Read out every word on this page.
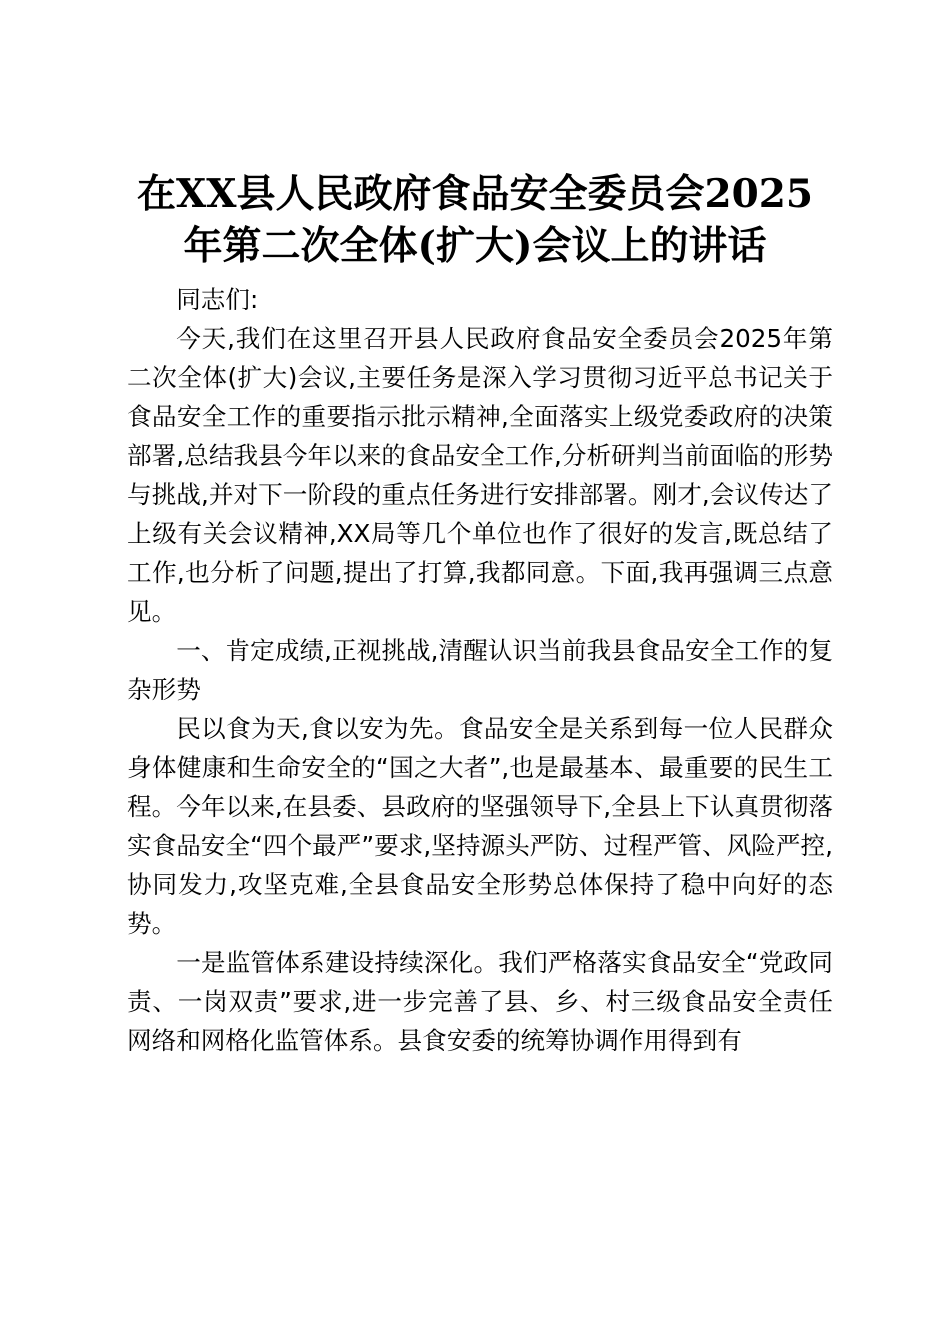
在XX县人民政府食品安全委员会2025
年第二次全体(扩大)会议上的讲话

同志们:

今天,我们在这里召开县人民政府食品安全委员会2025年第二次全体(扩大)会议,主要任务是深入学习贯彻习近平总书记关于食品安全工作的重要指示批示精神,全面落实上级党委政府的决策部署,总结我县今年以来的食品安全工作,分析研判当前面临的形势与挑战,并对下一阶段的重点任务进行安排部署。刚才,会议传达了上级有关会议精神,XX局等几个单位也作了很好的发言,既总结了工作,也分析了问题,提出了打算,我都同意。下面,我再强调三点意见。

一、肯定成绩,正视挑战,清醒认识当前我县食品安全工作的复杂形势

民以食为天,食以安为先。食品安全是关系到每一位人民群众身体健康和生命安全的“国之大者”,也是最基本、最重要的民生工程。今年以来,在县委、县政府的坚强领导下,全县上下认真贯彻落实食品安全“四个最严”要求,坚持源头严防、过程严管、风险严控,协同发力,攻坚克难,全县食品安全形势总体保持了稳中向好的态势。

一是监管体系建设持续深化。我们严格落实食品安全“党政同责、一岗双责”要求,进一步完善了县、乡、村三级食品安全责任网络和网格化监管体系。县食安委的统筹协调作用得到有
